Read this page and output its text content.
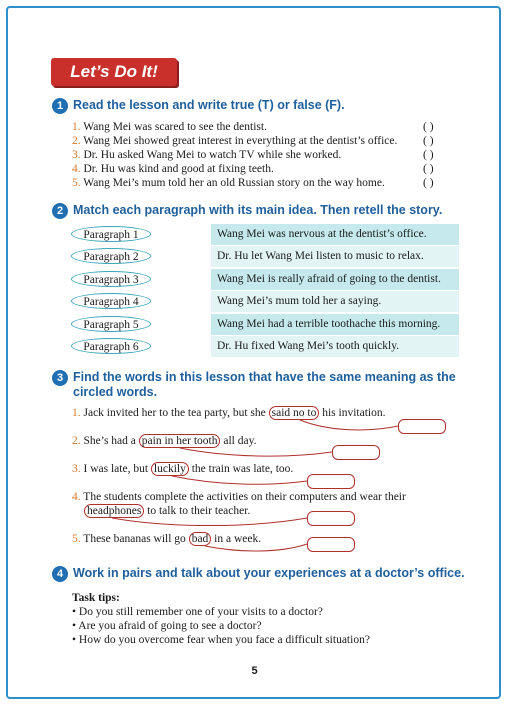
Let’s Do It!
1 Read the lesson and write true (T) or false (F).
1. Wang Mei was scared to see the dentist.
2. Wang Mei showed great interest in everything at the dentist’s office.
3. Dr. Hu asked Wang Mei to watch TV while she worked.
4. Dr. Hu was kind and good at fixing teeth.
5. Wang Mei’s mum told her an old Russian story on the way home.
( )
( )
( )
( )
( )
2 Match each paragraph with its main idea. Then retell the story.
Paragraph 1
Paragraph 2
Paragraph 3
Paragraph 4
Paragraph 5
Paragraph 6
Wang Mei was nervous at the dentist’s office.
Dr. Hu let Wang Mei listen to music to relax.
Wang Mei is really afraid of going to the dentist.
Wang Mei’s mum told her a saying.
Wang Mei had a terrible toothache this morning.
Dr. Hu fixed Wang Mei’s tooth quickly.
3 Find the words in this lesson that have the same meaning as the
circled words.
1. Jack invited her to the tea party, but she said no to his invitation.
2. She’s had a pain in her tooth all day.
3. I was late, but luckily the train was late, too.
4. The students complete the activities on their computers and wear their
headphones to talk to their teacher.
5. These bananas will go bad in a week.
4 Work in pairs and talk about your experiences at a doctor’s office.
Task tips:
• Do you still remember one of your visits to a doctor?
• Are you afraid of going to see a doctor?
• How do you overcome fear when you face a difficult situation?
5
